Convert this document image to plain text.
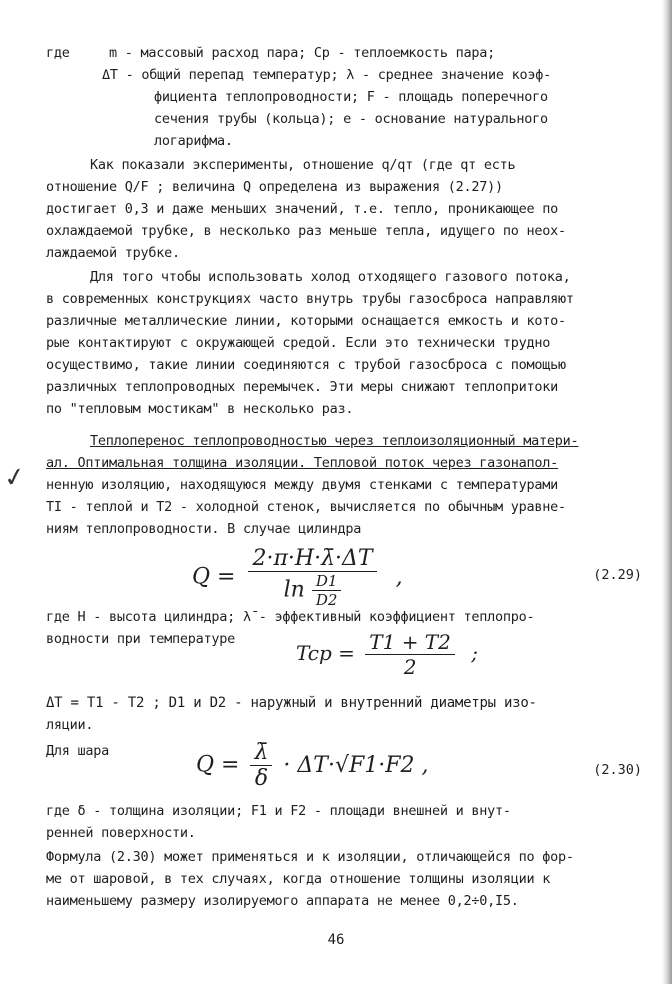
где	m - массовый расход пара; Cp - теплоемкость пара;
ΔT - общий перепад температур; λ - среднее значение коэф-
фициента теплопроводности; F - площадь поперечного
сечения трубы (кольца); e - основание натурального
логарифма.
Как показали эксперименты, отношение q/qт (где qт есть
отношение Q/F ; величина Q определена из выражения (2.27))
достигает 0,3 и даже меньших значений, т.е. тепло, проникающее по
охлаждаемой трубке, в несколько раз меньше тепла, идущего по неох-
лаждаемой трубке.
Для того чтобы использовать холод отходящего газового потока,
в современных конструкциях часто внутрь трубы газосброса направляют
различные металлические линии, которыми оснащается емкость и кото-
рые контактируют с окружающей средой. Если это технически трудно
осуществимо, такие линии соединяются с трубой газосброса с помощью
различных теплопроводных перемычек. Эти меры снижают теплопритоки
по "тепловым мостикам" в несколько раз.
✓
Теплоперенос теплопроводностью через теплоизоляционный матери-
ал. Оптимальная толщина изоляции. Тепловой поток через газонапол-
ненную изоляцию, находящуюся между двумя стенками с температурами
TI - теплой и T2 - холодной стенок, вычисляется по обычным уравне-
ниям теплопроводности. В случае цилиндра
$Q = \frac{2\cdot\pi\cdot H\cdot\lambdā\cdot\Delta T}{\ln \frac{D1}{D2}}$ ,	(2.29)
где H - высота цилиндра; λ̄ - эффективный коэффициент теплопро-
водности при температуре
Tcp = $\frac{T1 + T2}{2}$ ;
ΔT = T1 - T2 ; D1 и D2 - наружный и внутренний диаметры изо-
ляции.
Для шара
$Q = \frac{\lambdā}{\delta} \cdot \Delta T\cdot√F1\cdot F2$ ,	(2.30)
где δ - толщина изоляции; F1 и F2 - площади внешней и внут-
ренней поверхности.
Формула (2.30) может применяться и к изоляции, отличающейся по фор-
ме от шаровой, в тех случаях, когда отношение толщины изоляции к
наименьшему размеру изолируемого аппарата не менее 0,2÷0,I5.
46
